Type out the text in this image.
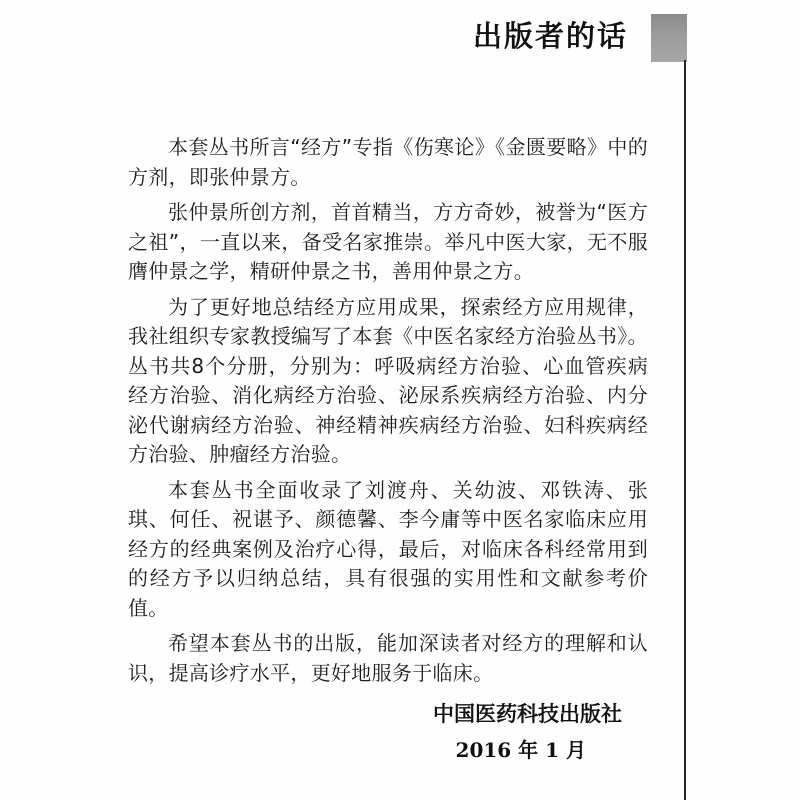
出版者的话

本套丛书所言“经方”专指《伤寒论》《金匮要略》中的方剂，即张仲景方。

张仲景所创方剂，首首精当，方方奇妙，被誉为“医方之祖”，一直以来，备受名家推崇。举凡中医大家，无不服膺仲景之学，精研仲景之书，善用仲景之方。

为了更好地总结经方应用成果，探索经方应用规律，我社组织专家教授编写了本套《中医名家经方治验丛书》。丛书共8个分册，分别为：呼吸病经方治验、心血管疾病经方治验、消化病经方治验、泌尿系疾病经方治验、内分泌代谢病经方治验、神经精神疾病经方治验、妇科疾病经方治验、肿瘤经方治验。

本套丛书全面收录了刘渡舟、关幼波、邓铁涛、张琪、何任、祝谌予、颜德馨、李今庸等中医名家临床应用经方的经典案例及治疗心得，最后，对临床各科经常用到的经方予以归纳总结，具有很强的实用性和文献参考价值。

希望本套丛书的出版，能加深读者对经方的理解和认识，提高诊疗水平，更好地服务于临床。

中国医药科技出版社
2016 年 1 月
